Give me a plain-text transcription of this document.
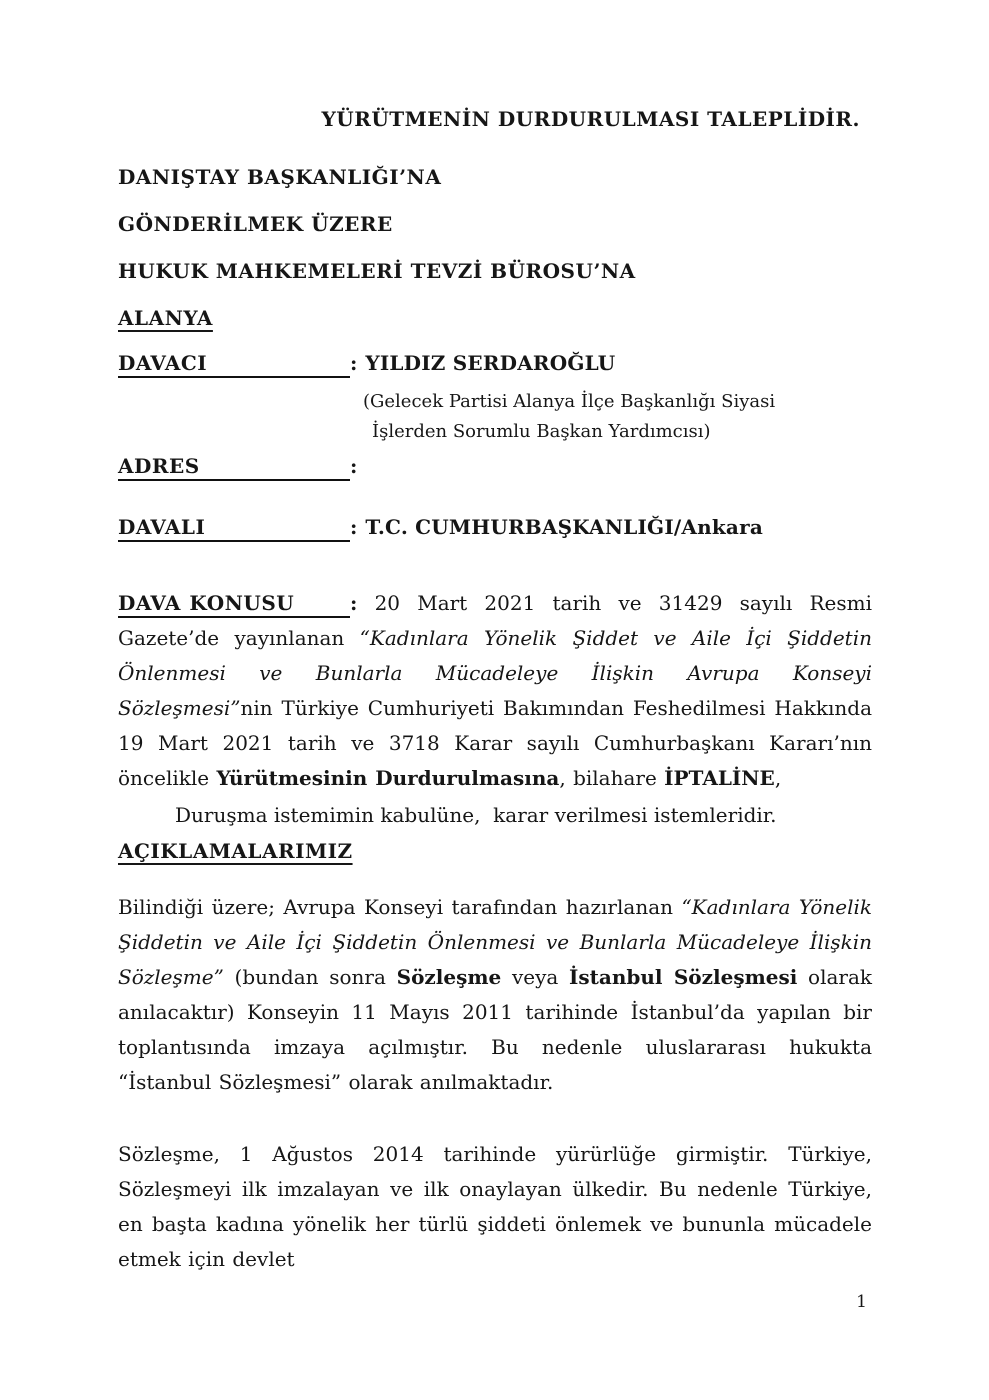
YÜRÜTMENİN DURDURULMASI TALEPLİDİR.
DANIŞTAY BAŞKANLIĞI’NA
GÖNDERİLMEK ÜZERE
HUKUK MAHKEMELERİ TEVZİ BÜROSU’NA
ALANYA
DAVACI	: YILDIZ SERDAROĞLU
(Gelecek Partisi Alanya İlçe Başkanlığı Siyasi
İşlerden Sorumlu Başkan Yardımcısı)
ADRES	:
DAVALI	: T.C. CUMHURBAŞKANLIĞI/Ankara

DAVA KONUSU	: 20 Mart 2021 tarih ve 31429 sayılı Resmi Gazete’de yayınlanan “Kadınlara Yönelik Şiddet ve Aile İçi Şiddetin Önlenmesi ve Bunlarla Mücadeleye İlişkin Avrupa Konseyi Sözleşmesi”nin Türkiye Cumhuriyeti Bakımından Feshedilmesi Hakkında 19 Mart 2021 tarih ve 3718 Karar sayılı Cumhurbaşkanı Kararı’nın öncelikle Yürütmesinin Durdurulmasına, bilahare İPTALİNE,

Duruşma istemimin kabulüne,  karar verilmesi istemleridir.

AÇIKLAMALARIMIZ

Bilindiği üzere; Avrupa Konseyi tarafından hazırlanan “Kadınlara Yönelik Şiddetin ve Aile İçi Şiddetin Önlenmesi ve Bunlarla Mücadeleye İlişkin Sözleşme” (bundan sonra Sözleşme veya İstanbul Sözleşmesi olarak anılacaktır) Konseyin 11 Mayıs 2011 tarihinde İstanbul’da yapılan bir toplantısında imzaya açılmıştır. Bu nedenle uluslararası hukukta “İstanbul Sözleşmesi” olarak anılmaktadır.

Sözleşme, 1 Ağustos 2014 tarihinde yürürlüğe girmiştir. Türkiye, Sözleşmeyi ilk imzalayan ve ilk onaylayan ülkedir. Bu nedenle Türkiye, en başta kadına yönelik her türlü şiddeti önlemek ve bununla mücadele etmek için devlet

1
